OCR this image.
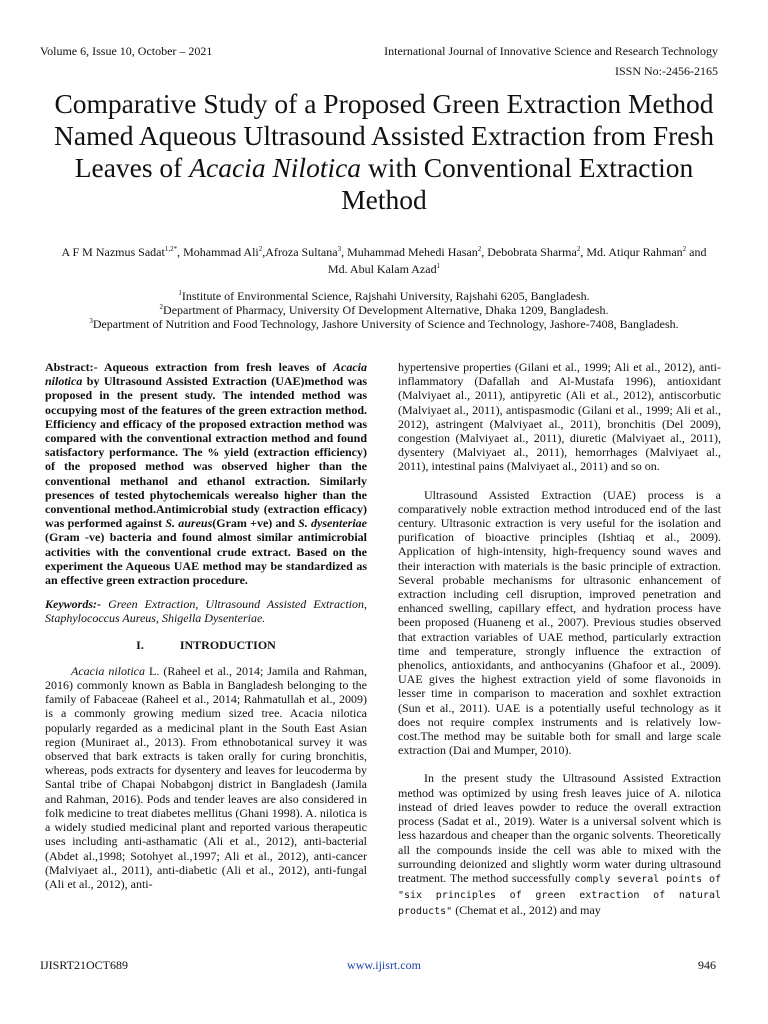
Volume 6, Issue 10, October – 2021	International Journal of Innovative Science and Research Technology
ISSN No:-2456-2165
Comparative Study of a Proposed Green Extraction Method Named Aqueous Ultrasound Assisted Extraction from Fresh Leaves of Acacia Nilotica with Conventional Extraction Method
A F M Nazmus Sadat$^{1,2*}$, Mohammad Ali$^2$,Afroza Sultana$^3$, Muhammad Mehedi Hasan$^2$, Debobrata Sharma$^2$, Md. Atiqur Rahman$^2$ and Md. Abul Kalam Azad$^1$
$^1$Institute of Environmental Science, Rajshahi University, Rajshahi 6205, Bangladesh.
$^2$Department of Pharmacy, University Of Development Alternative, Dhaka 1209, Bangladesh.
$^3$Department of Nutrition and Food Technology, Jashore University of Science and Technology, Jashore-7408, Bangladesh.

Abstract:- Aqueous extraction from fresh leaves of Acacia nilotica by Ultrasound Assisted Extraction (UAE)method was proposed in the present study. The intended method was occupying most of the features of the green extraction method. Efficiency and efficacy of the proposed extraction method was compared with the conventional extraction method and found satisfactory performance. The % yield (extraction efficiency) of the proposed method was observed higher than the conventional methanol and ethanol extraction. Similarly presences of tested phytochemicals werealso higher than the conventional method.Antimicrobial study (extraction efficacy) was performed against S. aureus(Gram +ve) and S. dysenteriae (Gram -ve) bacteria and found almost similar antimicrobial activities with the conventional crude extract. Based on the experiment the Aqueous UAE method may be standardized as an effective green extraction procedure.

Keywords:- Green Extraction, Ultrasound Assisted Extraction, Staphylococcus Aureus, Shigella Dysenteriae.

I.	INTRODUCTION

Acacia nilotica L. (Raheel et al., 2014; Jamila and Rahman, 2016) commonly known as Babla in Bangladesh belonging to the family of Fabaceae (Raheel et al., 2014; Rahmatullah et al., 2009) is a commonly growing medium sized tree. Acacia nilotica popularly regarded as a medicinal plant in the South East Asian region (Muniraet al., 2013). From ethnobotanical survey it was observed that bark extracts is taken orally for curing bronchitis, whereas, pods extracts for dysentery and leaves for leucoderma by Santal tribe of Chapai Nobabgonj district in Bangladesh (Jamila and Rahman, 2016). Pods and tender leaves are also considered in folk medicine to treat diabetes mellitus (Ghani 1998). A. nilotica is a widely studied medicinal plant and reported various therapeutic uses including anti-asthamatic (Ali et al., 2012), anti-bacterial (Abdet al.,1998; Sotohyet al.,1997; Ali et al., 2012), anti-cancer (Malviyaet al., 2011), anti-diabetic (Ali et al., 2012), anti-fungal (Ali et al., 2012), anti-

hypertensive properties (Gilani et al., 1999; Ali et al., 2012), anti-inflammatory (Dafallah and Al-Mustafa 1996), antioxidant (Malviyaet al., 2011), antipyretic (Ali et al., 2012), antiscorbutic (Malviyaet al., 2011), antispasmodic (Gilani et al., 1999; Ali et al., 2012), astringent (Malviyaet al., 2011), bronchitis (Del 2009), congestion (Malviyaet al., 2011), diuretic (Malviyaet al., 2011), dysentery (Malviyaet al., 2011), hemorrhages (Malviyaet al., 2011), intestinal pains (Malviyaet al., 2011) and so on.

Ultrasound Assisted Extraction (UAE) process is a comparatively noble extraction method introduced end of the last century. Ultrasonic extraction is very useful for the isolation and purification of bioactive principles (Ishtiaq et al., 2009). Application of high-intensity, high-frequency sound waves and their interaction with materials is the basic principle of extraction. Several probable mechanisms for ultrasonic enhancement of extraction including cell disruption, improved penetration and enhanced swelling, capillary effect, and hydration process have been proposed (Huaneng et al., 2007). Previous studies observed that extraction variables of UAE method, particularly extraction time and temperature, strongly influence the extraction of phenolics, antioxidants, and anthocyanins (Ghafoor et al., 2009). UAE gives the highest extraction yield of some flavonoids in lesser time in comparison to maceration and soxhlet extraction (Sun et al., 2011). UAE is a potentially useful technology as it does not require complex instruments and is relatively low-cost.The method may be suitable both for small and large scale extraction (Dai and Mumper, 2010).

In the present study the Ultrasound Assisted Extraction method was optimized by using fresh leaves juice of A. nilotica instead of dried leaves powder to reduce the overall extraction process (Sadat et al., 2019). Water is a universal solvent which is less hazardous and cheaper than the organic solvents. Theoretically all the compounds inside the cell was able to mixed with the surrounding deionized and slightly worm water during ultrasound treatment. The method successfully comply several points of "six principles of green extraction of natural products" (Chemat et al., 2012) and may

IJISRT21OCT689	www.ijisrt.com	946
